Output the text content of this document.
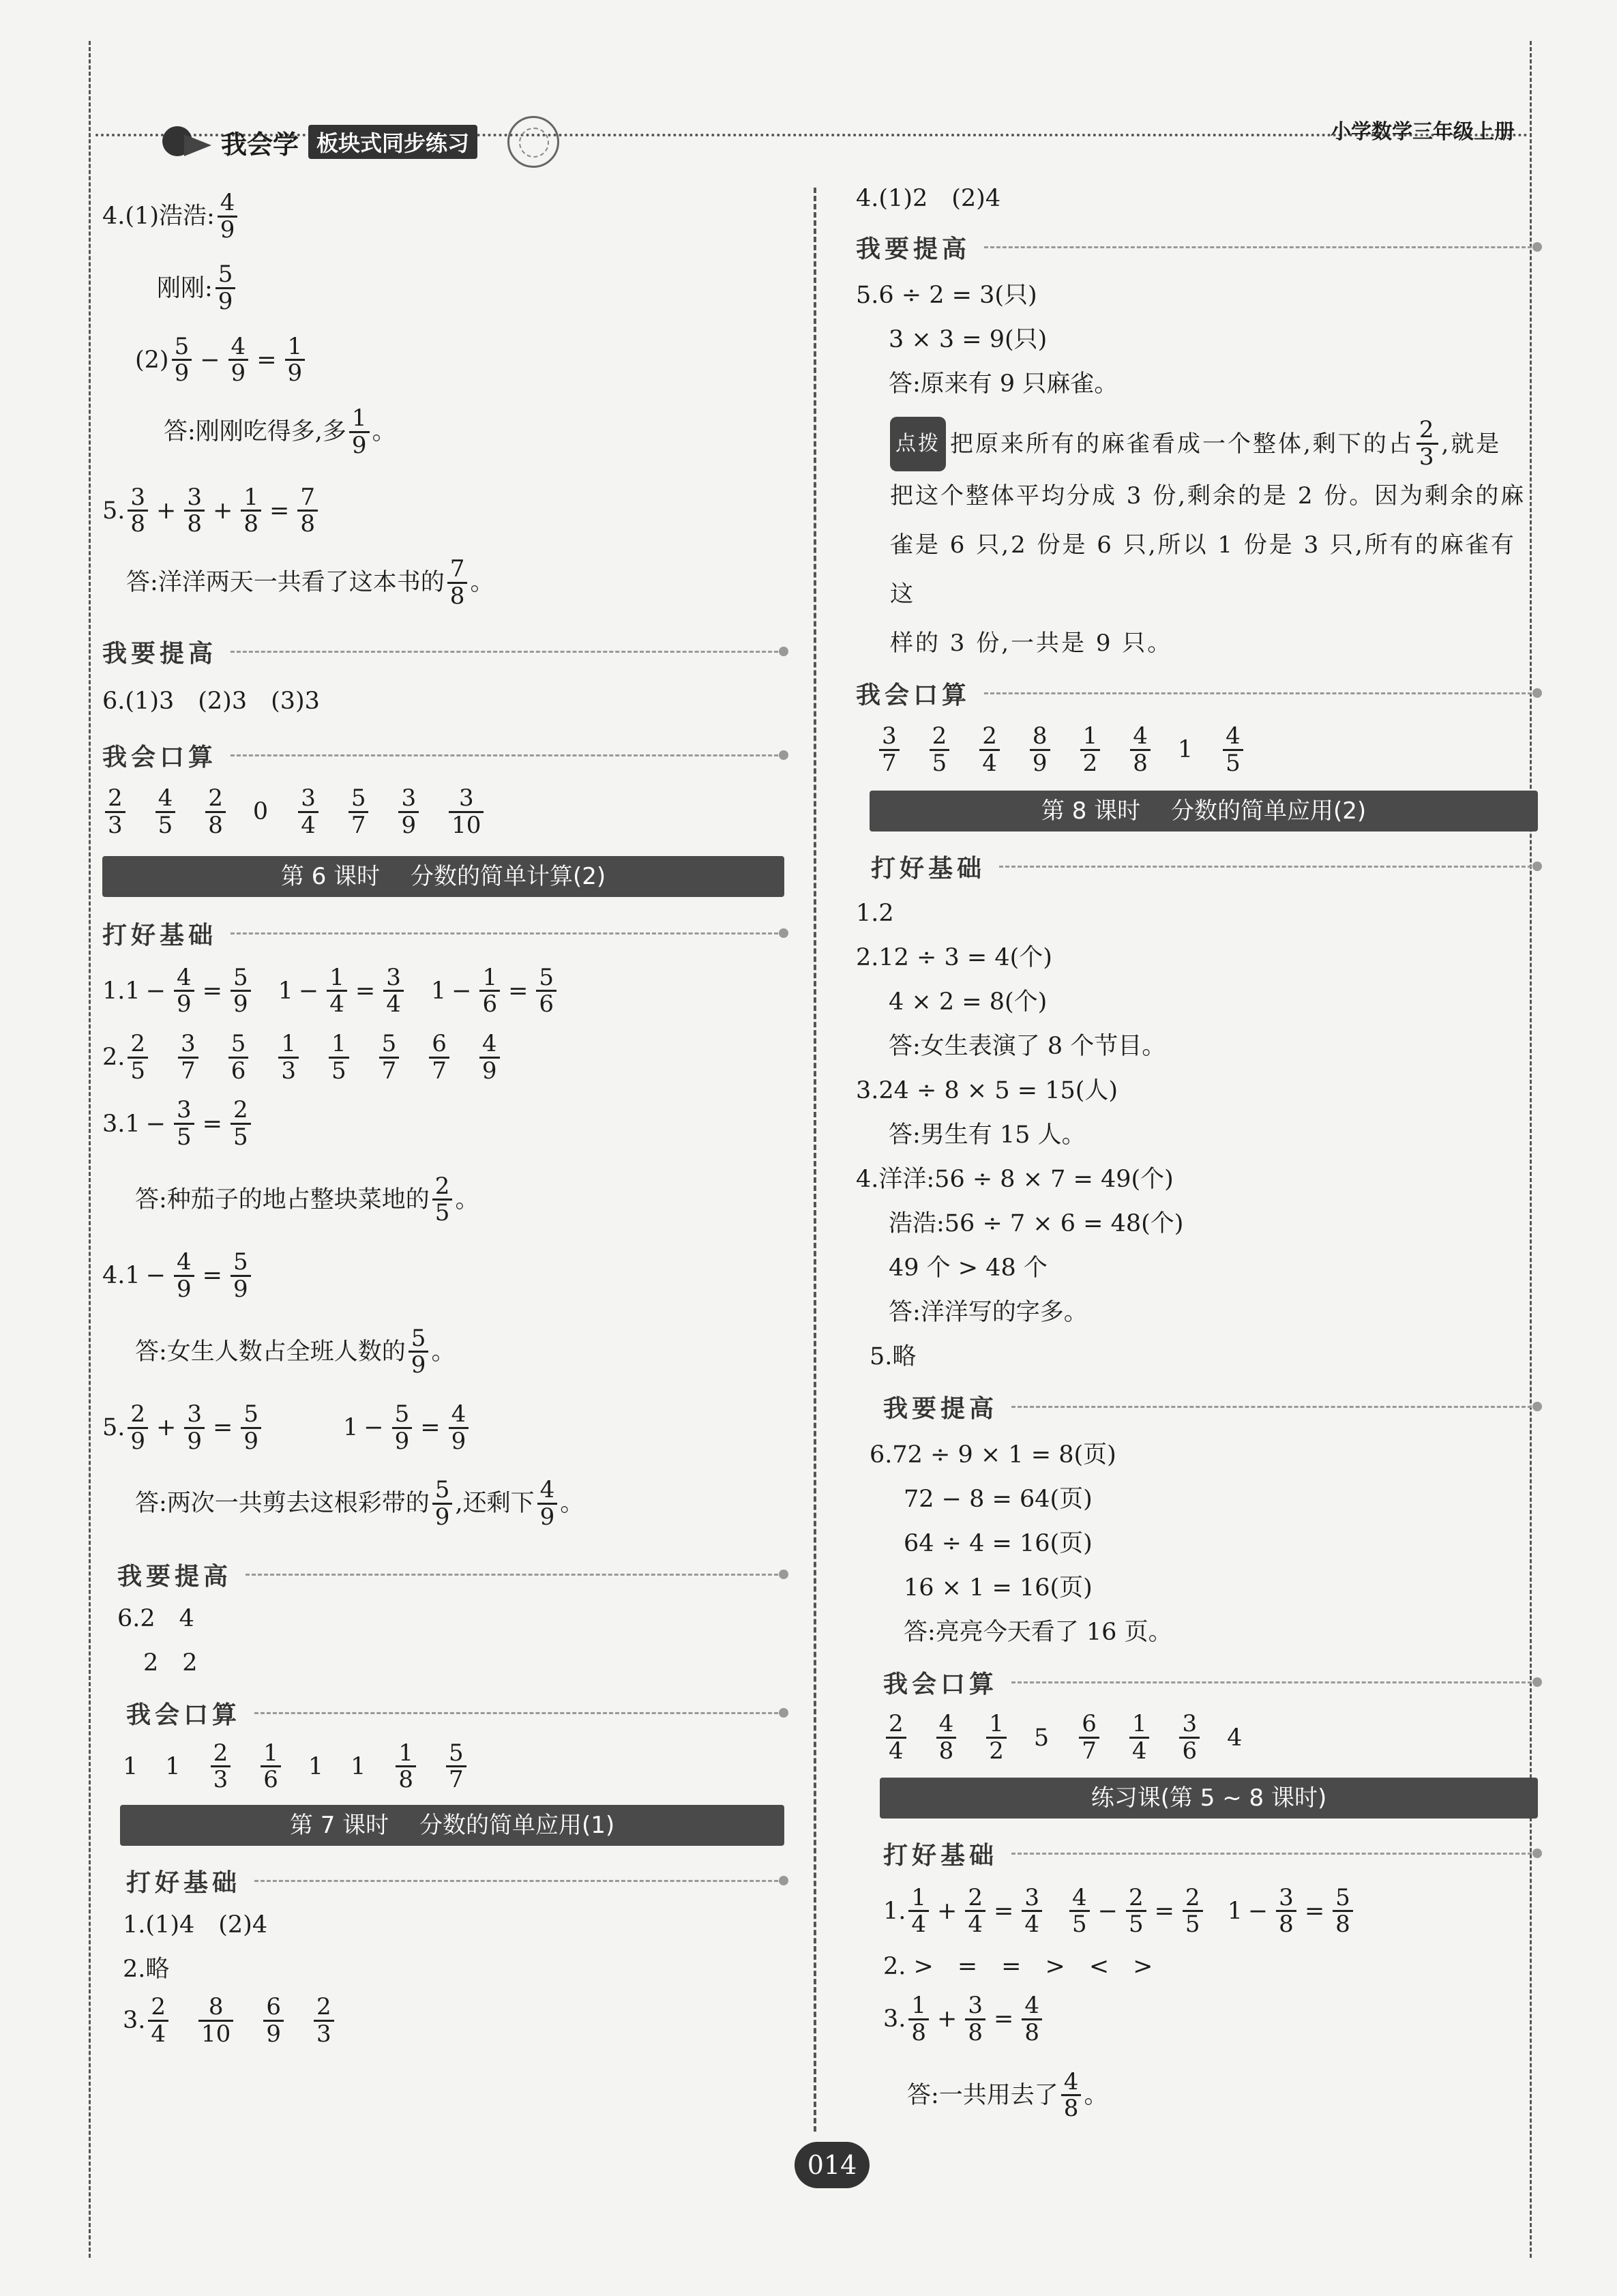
我会学 板块式同步练习	小学数学三年级上册
4.(1)浩浩: $\frac{4}{9}$
刚刚: $\frac{5}{9}$
$(2) \frac{5}{9} - \frac{4}{9} = \frac{1}{9}$
答:刚刚吃得多,多 $\frac{1}{9}$ 。
5. $\frac{3}{8} + \frac{3}{8} + \frac{1}{8} = \frac{7}{8}$
答:洋洋两天一共看了这本书的 $\frac{7}{8}$ 。
我要提高
6.(1)3　(2)3　(3)3
我会口算
$\frac{2}{3} \frac{4}{5} \frac{2}{8} 0 \frac{3}{4} \frac{5}{7} \frac{3}{9} \frac{3}{10}$
第 6 课时　 分数的简单计算(2)
打好基础
1. $1 - \frac{4}{9} = \frac{5}{9} 1 - \frac{1}{4} = \frac{3}{4} 1 - \frac{1}{6} = \frac{5}{6}$
2. $\frac{2}{5} \frac{3}{7} \frac{5}{6} \frac{1}{3} \frac{1}{5} \frac{5}{7} \frac{6}{7} \frac{4}{9}$
3. $1 - \frac{3}{5} = \frac{2}{5}$
答:种茄子的地占整块菜地的 $\frac{2}{5}$ 。
4. $1 - \frac{4}{9} = \frac{5}{9}$
答:女生人数占全班人数的 $\frac{5}{9}$ 。
5. $\frac{2}{9} + \frac{3}{9} = \frac{5}{9}$	$1 - \frac{5}{9} = \frac{4}{9}$
答:两次一共剪去这根彩带的 $\frac{5}{9}$ ,还剩下 $\frac{4}{9}$ 。
我要提高
6.2　4
2　2
我会口算
1 $1 \frac{2}{3} \frac{1}{6} 1$ $1 \frac{1}{8} \frac{5}{7}$
第 7 课时　 分数的简单应用(1)
打好基础
1.(1)4　(2)4
2.略
3. $\frac{2}{4} \frac{8}{10} \frac{6}{9} \frac{2}{3}$
4.(1)2　(2)4
我要提高
5.6 ÷ 2 = 3(只)
3 × 3 = 9(只)
答:原来有 9 只麻雀。
点拨 把原来所有的麻雀看成一个整体,剩下的占 $\frac{2}{3}$ ,就是
把这个整体平均分成 3 份,剩余的是 2 份。因为剩余的麻
雀是 6 只,2 份是 6 只,所以 1 份是 3 只,所有的麻雀有这
样的 3 份,一共是 9 只。
我会口算
$\frac{3}{7} \frac{2}{5} \frac{2}{4} \frac{8}{9} \frac{1}{2} \frac{4}{8} 1 \frac{4}{5}$
第 8 课时　 分数的简单应用(2)
打好基础
1.2
2.12 ÷ 3 = 4(个)
4 × 2 = 8(个)
答:女生表演了 8 个节目。
3.24 ÷ 8 × 5 = 15(人)
答:男生有 15 人。
4.洋洋:56 ÷ 8 × 7 = 49(个)
浩浩:56 ÷ 7 × 6 = 48(个)
49 个 > 48 个
答:洋洋写的字多。
5.略
我要提高
6.72 ÷ 9 × 1 = 8(页)
72 − 8 = 64(页)
64 ÷ 4 = 16(页)
16 × 1 = 16(页)
答:亮亮今天看了 16 页。
我会口算
$\frac{2}{4} \frac{4}{8} \frac{1}{2} 5 \frac{6}{7} \frac{1}{4} \frac{3}{6} 4$
练习课(第 5 ~ 8 课时)
打好基础
1. $\frac{1}{4} + \frac{2}{4} = \frac{3}{4} \frac{4}{5} - \frac{2}{5} = \frac{2}{5} 1 - \frac{3}{8} = \frac{5}{8}$
2. >　=　=　>　<　>
3. $\frac{1}{8} + \frac{3}{8} = \frac{4}{8}$
答:一共用去了 $\frac{4}{8}$ 。
014
